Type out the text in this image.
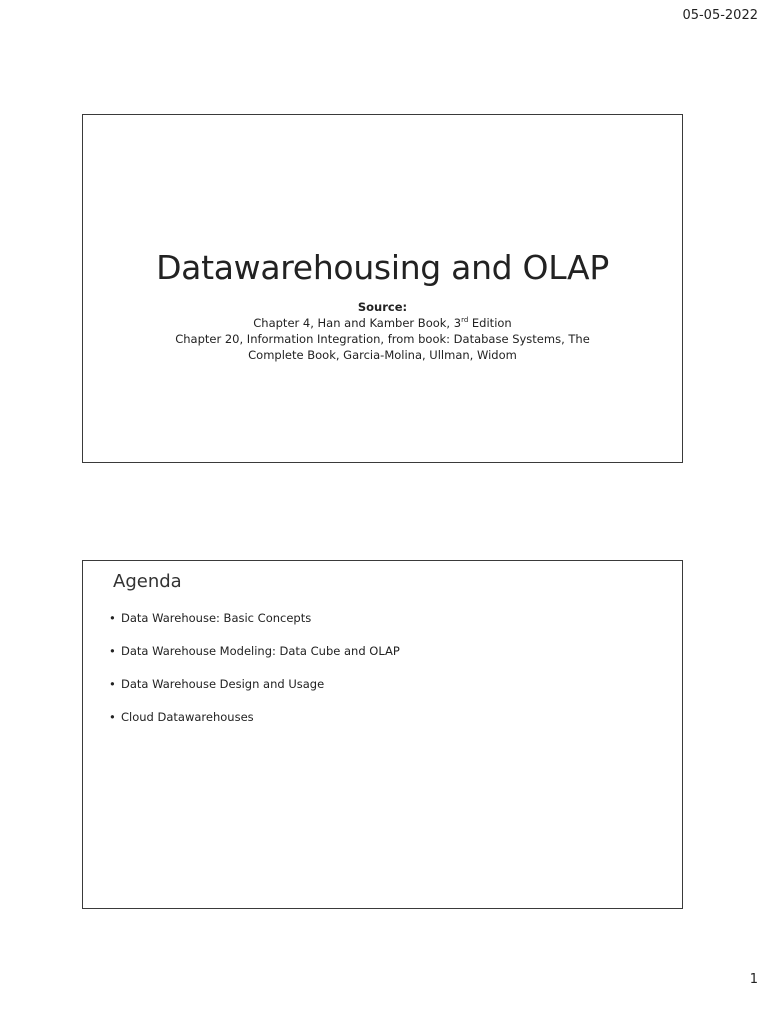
05-05-2022
Datawarehousing and OLAP
Source:
Chapter 4, Han and Kamber Book, 3rd Edition
Chapter 20, Information Integration, from book: Database Systems, The
Complete Book, Garcia-Molina, Ullman, Widom
Agenda
• Data Warehouse: Basic Concepts
• Data Warehouse Modeling: Data Cube and OLAP
• Data Warehouse Design and Usage
• Cloud Datawarehouses
1
